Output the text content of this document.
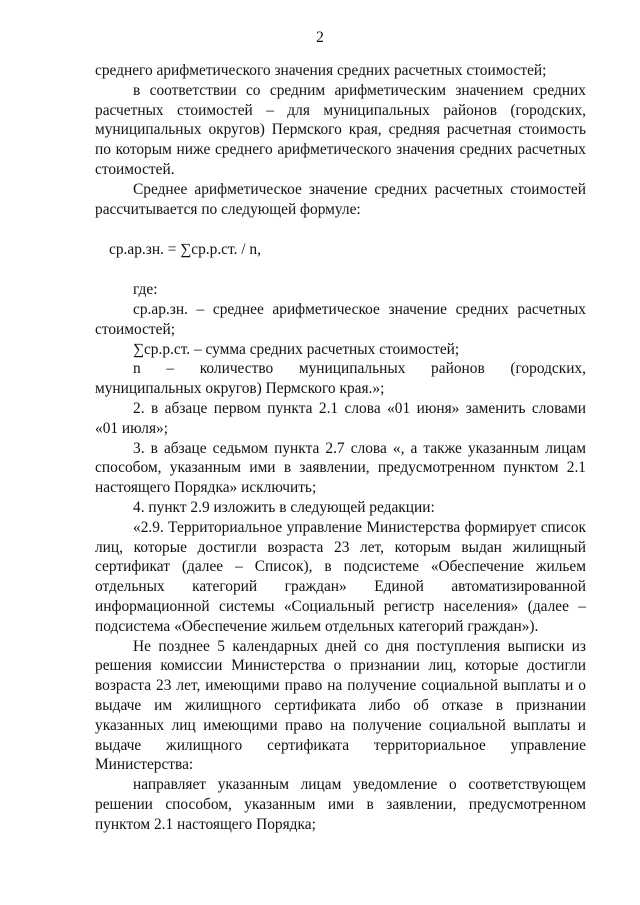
2

среднего арифметического значения средних расчетных стоимостей;

в соответствии со средним арифметическим значением средних расчетных стоимостей – для муниципальных районов (городских, муниципальных округов) Пермского края, средняя расчетная стоимость по которым ниже среднего арифметического значения средних расчетных стоимостей.

Среднее арифметическое значение средних расчетных стоимостей рассчитывается по следующей формуле:

ср.ар.зн. = ∑ср.р.ст. / n,

где:

ср.ар.зн. – среднее арифметическое значение средних расчетных стоимостей;

∑ср.р.ст. – сумма средних расчетных стоимостей;

n – количество муниципальных районов (городских, муниципальных округов) Пермского края.»;

2. в абзаце первом пункта 2.1 слова «01 июня» заменить словами «01 июля»;

3. в абзаце седьмом пункта 2.7 слова «, а также указанным лицам способом, указанным ими в заявлении, предусмотренном пунктом 2.1 настоящего Порядка» исключить;

4. пункт 2.9 изложить в следующей редакции:

«2.9. Территориальное управление Министерства формирует список лиц, которые достигли возраста 23 лет, которым выдан жилищный сертификат (далее – Список), в подсистеме «Обеспечение жильем отдельных категорий граждан» Единой автоматизированной информационной системы «Социальный регистр населения» (далее – подсистема «Обеспечение жильем отдельных категорий граждан»).

Не позднее 5 календарных дней со дня поступления выписки из решения комиссии Министерства о признании лиц, которые достигли возраста 23 лет, имеющими право на получение социальной выплаты и о выдаче им жилищного сертификата либо об отказе в признании указанных лиц имеющими право на получение социальной выплаты и выдаче жилищного сертификата территориальное управление Министерства:

направляет указанным лицам уведомление о соответствующем решении способом, указанным ими в заявлении, предусмотренном пунктом 2.1 настоящего Порядка;
